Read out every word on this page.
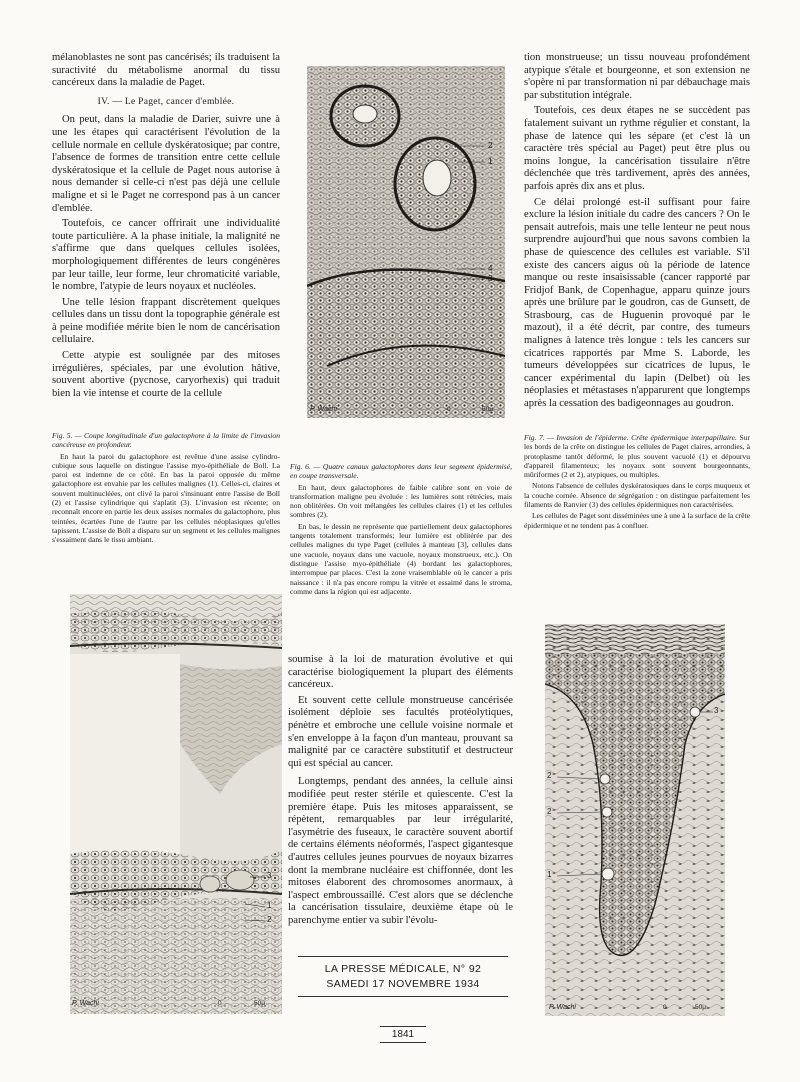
mélanoblastes ne sont pas cancérisés; ils traduisent la suractivité du métabolisme anormal du tissu cancéreux dans la maladie de Paget.

IV. — Le Paget, cancer d'emblée.

On peut, dans la maladie de Darier, suivre une à une les étapes qui caractérisent l'évolution de la cellule normale en cellule dyskératosique; par contre, l'absence de formes de transition entre cette cellule dyskératosique et la cellule de Paget nous autorise à nous demander si celle-ci n'est pas déjà une cellule maligne et si le Paget ne correspond pas à un cancer d'emblée.

Toutefois, ce cancer offrirait une individualité toute particulière. A la phase initiale, la malignité ne s'affirme que dans quelques cellules isolées, morphologiquement différentes de leurs congénères par leur taille, leur forme, leur chromaticité variable, le nombre, l'atypie de leurs noyaux et nucléoles.

Une telle lésion frappant discrètement quelques cellules dans un tissu dont la topographie générale est à peine modifiée mérite bien le nom de cancérisation cellulaire.

Cette atypie est soulignée par des mitoses irrégulières, spéciales, par une évolution hâtive, souvent abortive (pycnose, caryorhexis) qui traduit bien la vie intense et courte de la cellule

Fig. 5. — Coupe longitudinale d'un galactophore à la limite de l'invasion cancéreuse en profondeur.

En haut la paroi du galactophore est revêtue d'une assise cylindro-cubique sous laquelle on distingue l'assise myo-épithéliale de Boll. La paroi est indemne de ce côté. En bas la paroi opposée du même galactophore est envahie par les cellules malignes (1). Celles-ci, claires et souvent multinucléées, ont clivé la paroi s'insinuant entre l'assise de Boll (2) et l'assise cylindrique qui s'aplatit (3). L'invasion est récente; on reconnaît encore en partie les deux assises normales du galactophore, plus teintées, écartées l'une de l'autre par les cellules néoplasiques qu'elles tapissent. L'assise de Boll a disparu sur un segment et les cellules malignes s'essaiment dans le tissu ambiant.

3
1
2
P. Wachi	0	50μ
2
1
4
3
P. Wachi	0	50μ

Fig. 6. — Quatre canaux galactophores dans leur segment épidermisé, en coupe transversale.

En haut, deux galactophores de faible calibre sont en voie de transformation maligne peu évoluée : les lumières sont rétrécies, mais non oblitérées. On voit mélangées les cellules claires (1) et les cellules sombres (2).

En bas, le dessin ne représente que partiellement deux galactophores tangents totalement transformés; leur lumière est oblitérée par des cellules malignes du type Paget (cellules à manteau [3], cellules dans une vacuole, noyaux dans une vacuole, noyaux monstrueux, etc.). On distingue l'assise myo-épithéliale (4) bordant les galactophores, interrompue par places. C'est la zone vraisemblable où le cancer a pris naissance : il n'a pas encore rompu la vitrée et essaimé dans le stroma, comme dans la région qui est adjacente.

soumise à la loi de maturation évolutive et qui caractérise biologiquement la plupart des éléments cancéreux.

Et souvent cette cellule monstrueuse cancérisée isolément déploie ses facultés protéolytiques, pénètre et embroche une cellule voisine normale et s'en enveloppe à la façon d'un manteau, prouvant sa malignité par ce caractère substitutif et destructeur qui est spécial au cancer.

Longtemps, pendant des années, la cellule ainsi modifiée peut rester stérile et quiescente. C'est la première étape. Puis les mitoses apparaissent, se répètent, remarquables par leur irrégularité, l'asymétrie des fuseaux, le caractère souvent abortif de certains éléments néoformés, l'aspect gigantesque d'autres cellules jeunes pourvues de noyaux bizarres dont la membrane nucléaire est chiffonnée, dont les mitoses élaborent des chromosomes anormaux, à l'aspect embroussaillé. C'est alors que se déclenche la cancérisation tissulaire, deuxième étape où le parenchyme entier va subir l'évolu-

LA PRESSE MÉDICALE, N° 92
SAMEDI 17 NOVEMBRE 1934
1841

tion monstrueuse; un tissu nouveau profondément atypique s'étale et bourgeonne, et son extension ne s'opère ni par transformation ni par débauchage mais par substitution intégrale.

Toutefois, ces deux étapes ne se succèdent pas fatalement suivant un rythme régulier et constant, la phase de latence qui les sépare (et c'est là un caractère très spécial au Paget) peut être plus ou moins longue, la cancérisation tissulaire n'être déclenchée que très tardivement, après des années, parfois après dix ans et plus.

Ce délai prolongé est-il suffisant pour faire exclure la lésion initiale du cadre des cancers ? On le pensait autrefois, mais une telle lenteur ne peut nous surprendre aujourd'hui que nous savons combien la phase de quiescence des cellules est variable. S'il existe des cancers aigus où la période de latence manque ou reste insaisissable (cancer rapporté par Fridjof Bank, de Copenhague, apparu quinze jours après une brûlure par le goudron, cas de Gunsett, de Strasbourg, cas de Huguenin provoqué par le mazout), il a été décrit, par contre, des tumeurs malignes à latence très longue : tels les cancers sur cicatrices rapportés par Mme S. Laborde, les tumeurs développées sur cicatrices de lupus, le cancer expérimental du lapin (Delbet) où les néoplasies et métastases n'apparurent que longtemps après la cessation des badigeonnages au goudron.

Fig. 7. — Invasion de l'épiderme. Crête épidermique interpapillaire. Sur les bords de la crête on distingue les cellules de Paget claires, arrondies, à protoplasme tantôt déformé, le plus souvent vacuolé (1) et dépourvu d'appareil filamenteux; les noyaux sont souvent bourgeonnants, mûriformes (2 et 2), atypiques, ou multiples.

Notons l'absence de cellules dyskératosiques dans le corps muqueux et la couche cornée. Absence de ségrégation : on distingue parfaitement les filaments de Ranvier (3) des cellules épidermiques non caractérisées.

Les cellules de Paget sont disséminées une à une à la surface de la crête épidermique et ne tendent pas à confluer.

3
2
2
1
P. Wachi	0	50μ
